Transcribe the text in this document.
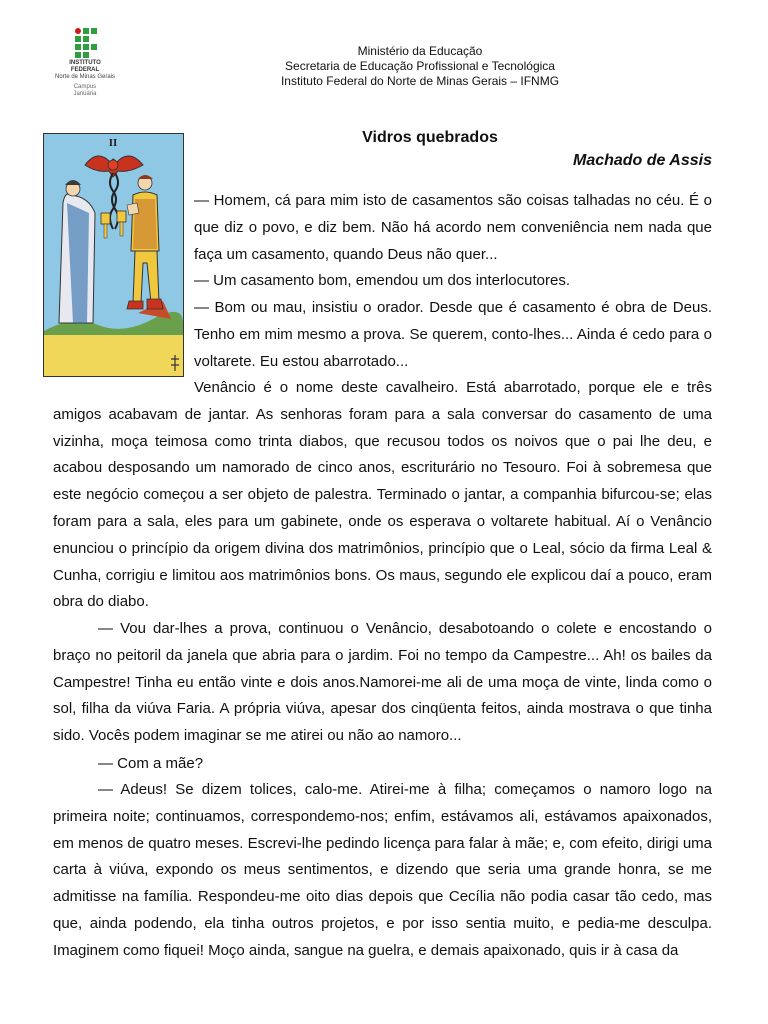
INSTITUTO
FEDERAL
Norte de Minas Gerais
Campus
Januária
Ministério da Educação
Secretaria de Educação Profissional e Tecnológica
Instituto Federal do Norte de Minas Gerais – IFNMG
Vidros quebrados
Machado de Assis
II

— Homem, cá para mim isto de casamentos são coisas talhadas no céu. É o que diz o povo, e diz bem. Não há acordo nem conveniência nem nada que faça um casamento, quando Deus não quer...

— Um casamento bom, emendou um dos interlocutores.

— Bom ou mau, insistiu o orador. Desde que é casamento é obra de Deus. Tenho em mim mesmo a prova. Se querem, conto-lhes... Ainda é cedo para o voltarete. Eu estou abarrotado...

Venâncio é o nome deste cavalheiro. Está abarrotado, porque ele e três amigos acabavam de jantar. As senhoras foram para a sala conversar do casamento de uma vizinha, moça teimosa como trinta diabos, que recusou todos os noivos que o pai lhe deu, e acabou desposando um namorado de cinco anos, escriturário no Tesouro. Foi à sobremesa que este negócio começou a ser objeto de palestra. Terminado o jantar, a companhia bifurcou-se; elas foram para a sala, eles para um gabinete, onde os esperava o voltarete habitual. Aí o Venâncio enunciou o princípio da origem divina dos matrimônios, princípio que o Leal, sócio da firma Leal & Cunha, corrigiu e limitou aos matrimônios bons. Os maus, segundo ele explicou daí a pouco, eram obra do diabo.

— Vou dar-lhes a prova, continuou o Venâncio, desabotoando o colete e encostando o braço no peitoril da janela que abria para o jardim. Foi no tempo da Campestre... Ah! os bailes da Campestre! Tinha eu então vinte e dois anos.Namorei-me ali de uma moça de vinte, linda como o sol, filha da viúva Faria. A própria viúva, apesar dos cinqüenta feitos, ainda mostrava o que tinha sido. Vocês podem imaginar se me atirei ou não ao namoro...

— Com a mãe?

— Adeus! Se dizem tolices, calo-me. Atirei-me à filha; começamos o namoro logo na primeira noite; continuamos, correspondemo-nos; enfim, estávamos ali, estávamos apaixonados, em menos de quatro meses. Escrevi-lhe pedindo licença para falar à mãe; e, com efeito, dirigi uma carta à viúva, expondo os meus sentimentos, e dizendo que seria uma grande honra, se me admitisse na família. Respondeu-me oito dias depois que Cecília não podia casar tão cedo, mas que, ainda podendo, ela tinha outros projetos, e por isso sentia muito, e pedia-me desculpa. Imaginem como fiquei! Moço ainda, sangue na guelra, e demais apaixonado, quis ir à casa da
